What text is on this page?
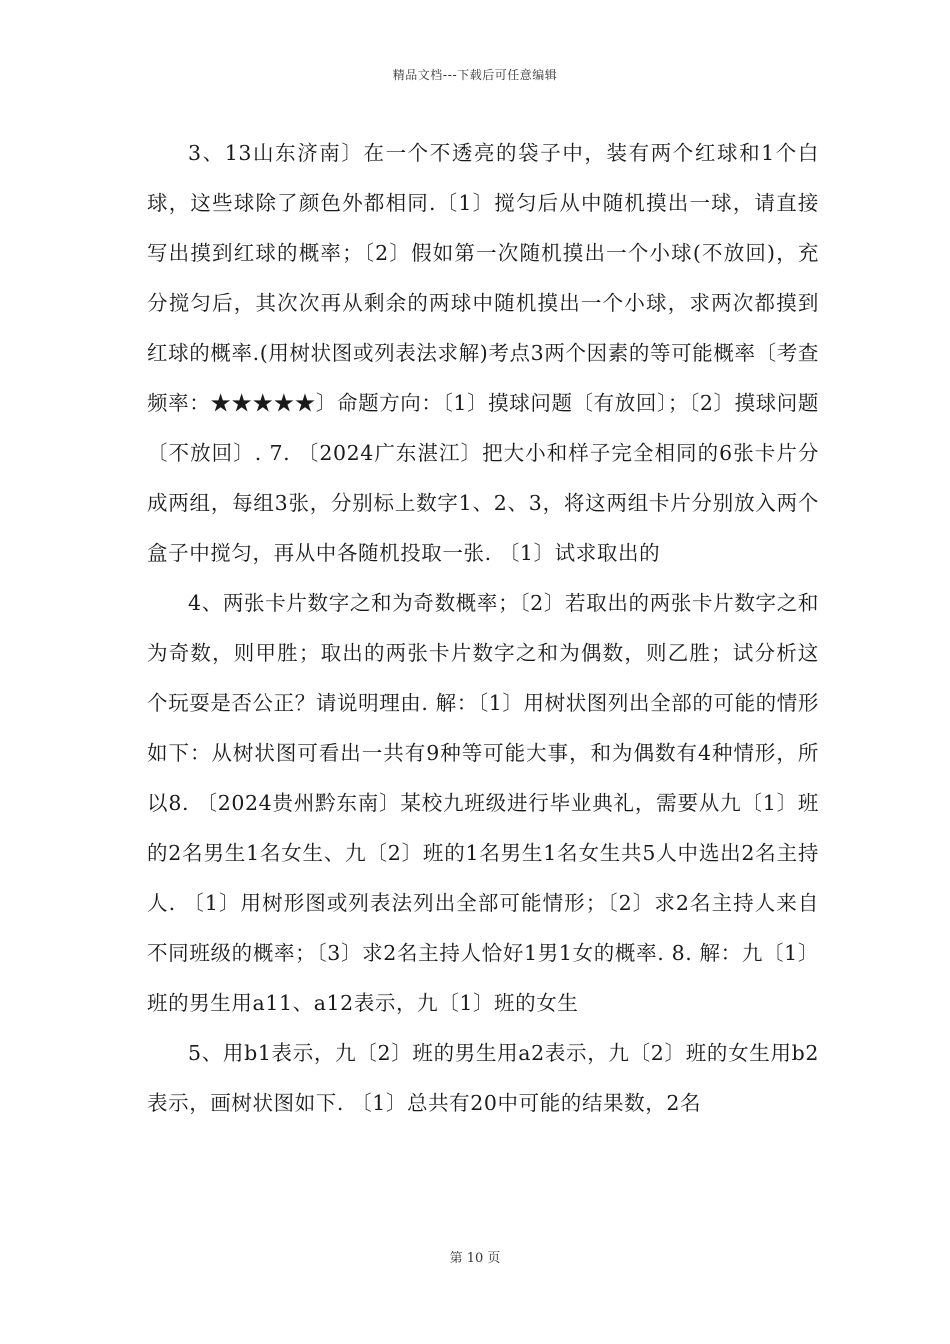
精品文档---下载后可任意编辑

3、13山东济南〕在一个不透亮的袋子中，装有两个红球和1个白球，这些球除了颜色外都相同.〔1〕搅匀后从中随机摸出一球，请直接写出摸到红球的概率；〔2〕假如第一次随机摸出一个小球(不放回)，充分搅匀后，其次次再从剩余的两球中随机摸出一个小球，求两次都摸到红球的概率.(用树状图或列表法求解)考点3两个因素的等可能概率〔考查频率：★★★★★〕命题方向：〔1〕摸球问题〔有放回〕；〔2〕摸球问题〔不放回〕. 7. 〔2024广东湛江〕把大小和样子完全相同的6张卡片分成两组，每组3张，分别标上数字1、2、3，将这两组卡片分别放入两个盒子中搅匀，再从中各随机投取一张. 〔1〕试求取出的

4、两张卡片数字之和为奇数概率；〔2〕若取出的两张卡片数字之和为奇数，则甲胜；取出的两张卡片数字之和为偶数，则乙胜；试分析这个玩耍是否公正？请说明理由. 解：〔1〕用树状图列出全部的可能的情形如下：从树状图可看出一共有9种等可能大事，和为偶数有4种情形，所以8. 〔2024贵州黔东南〕某校九班级进行毕业典礼，需要从九〔1〕班的2名男生1名女生、九〔2〕班的1名男生1名女生共5人中选出2名主持人. 〔1〕用树形图或列表法列出全部可能情形；〔2〕求2名主持人来自不同班级的概率；〔3〕求2名主持人恰好1男1女的概率. 8. 解：九〔1〕班的男生用a11、a12表示，九〔1〕班的女生

5、用b1表示，九〔2〕班的男生用a2表示，九〔2〕班的女生用b2表示，画树状图如下. 〔1〕总共有20中可能的结果数，2名

第 10 页
